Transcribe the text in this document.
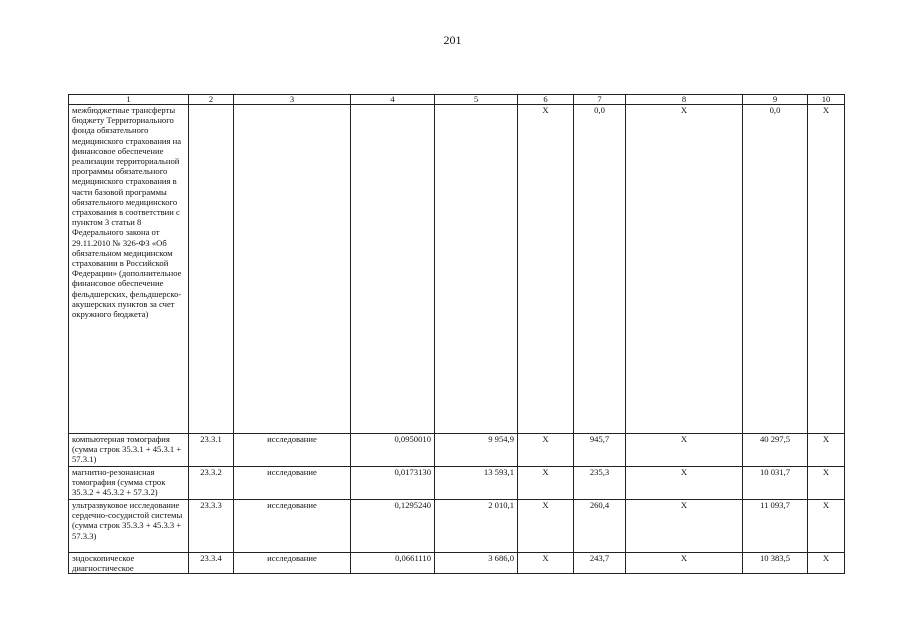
201
1	2	3	4	5	6	7	8	9	10
межбюджетные трансферты бюджету Территориального фонда обязательного медицинского страхования на финансовое обеспечение реализации территориальной программы обязательного медицинского страхования в части базовой программы обязательного медицинского страхования в соответствии с пунктом 3 статьи 8 Федерального закона от 29.11.2010 № 326-ФЗ «Об обязательном медицинском страховании в Российской Федерации» (дополнительное финансовое обеспечение фельдшерских, фельдшерско-акушерских пунктов за счет окружного бюджета)					X	0,0	X	0,0	X
компьютерная томография (сумма строк 35.3.1 + 45.3.1 + 57.3.1)	23.3.1	исследование	0,0950010	9 954,9	X	945,7	X	40 297,5	X
магнитно-резонансная томография (сумма строк 35.3.2 + 45.3.2 + 57.3.2)	23.3.2	исследование	0,0173130	13 593,1	X	235,3	X	10 031,7	X
ультразвуковое исследование сердечно-сосудистой системы (сумма строк 35.3.3 + 45.3.3 + 57.3.3)	23.3.3	исследование	0,1295240	2 010,1	X	260,4	X	11 093,7	X
эндоскопическое диагностическое	23.3.4	исследование	0,0661110	3 686,0	X	243,7	X	10 383,5	X
